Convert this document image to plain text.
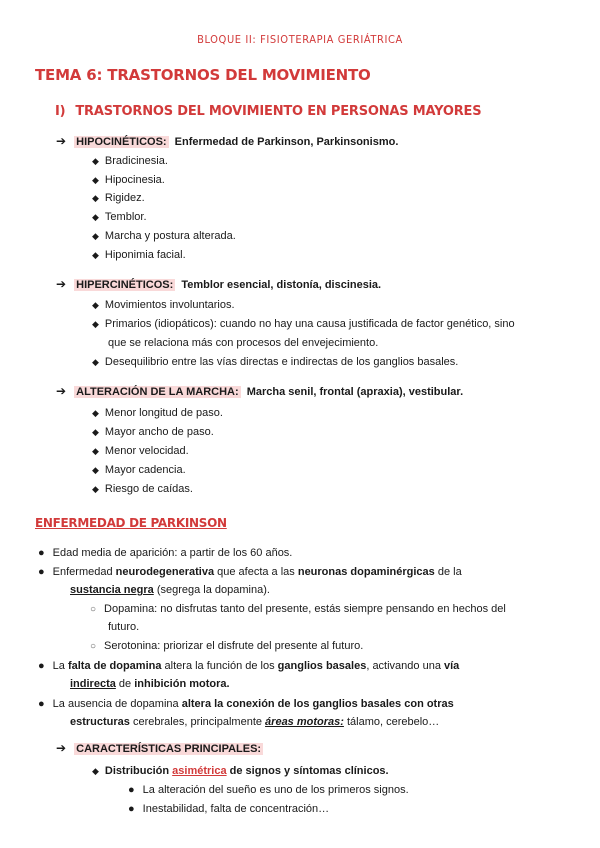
BLOQUE II: FISIOTERAPIA GERIÁTRICA
TEMA 6: TRASTORNOS DEL MOVIMIENTO
I) TRASTORNOS DEL MOVIMIENTO EN PERSONAS MAYORES
➔ HIPOCINÉTICOS: Enfermedad de Parkinson, Parkinsonismo.
◆ Bradicinesia.
◆ Hipocinesia.
◆ Rigidez.
◆ Temblor.
◆ Marcha y postura alterada.
◆ Hiponimia facial.
➔ HIPERCINÉTICOS: Temblor esencial, distonía, discinesia.
◆ Movimientos involuntarios.
◆ Primarios (idiopáticos): cuando no hay una causa justificada de factor genético, sino
que se relaciona más con procesos del envejecimiento.
◆ Desequilibrio entre las vías directas e indirectas de los ganglios basales.
➔ ALTERACIÓN DE LA MARCHA: Marcha senil, frontal (apraxia), vestibular.
◆ Menor longitud de paso.
◆ Mayor ancho de paso.
◆ Menor velocidad.
◆ Mayor cadencia.
◆ Riesgo de caídas.
ENFERMEDAD DE PARKINSON
● Edad media de aparición: a partir de los 60 años.
● Enfermedad neurodegenerativa que afecta a las neuronas dopaminérgicas de la
sustancia negra (segrega la dopamina).
○ Dopamina: no disfrutas tanto del presente, estás siempre pensando en hechos del
futuro.
○ Serotonina: priorizar el disfrute del presente al futuro.
● La falta de dopamina altera la función de los ganglios basales, activando una vía
indirecta de inhibición motora.
● La ausencia de dopamina altera la conexión de los ganglios basales con otras
estructuras cerebrales, principalmente áreas motoras: tálamo, cerebelo…
➔ CARACTERÍSTICAS PRINCIPALES:
◆ Distribución asimétrica de signos y síntomas clínicos.
● La alteración del sueño es uno de los primeros signos.
● Inestabilidad, falta de concentración…
